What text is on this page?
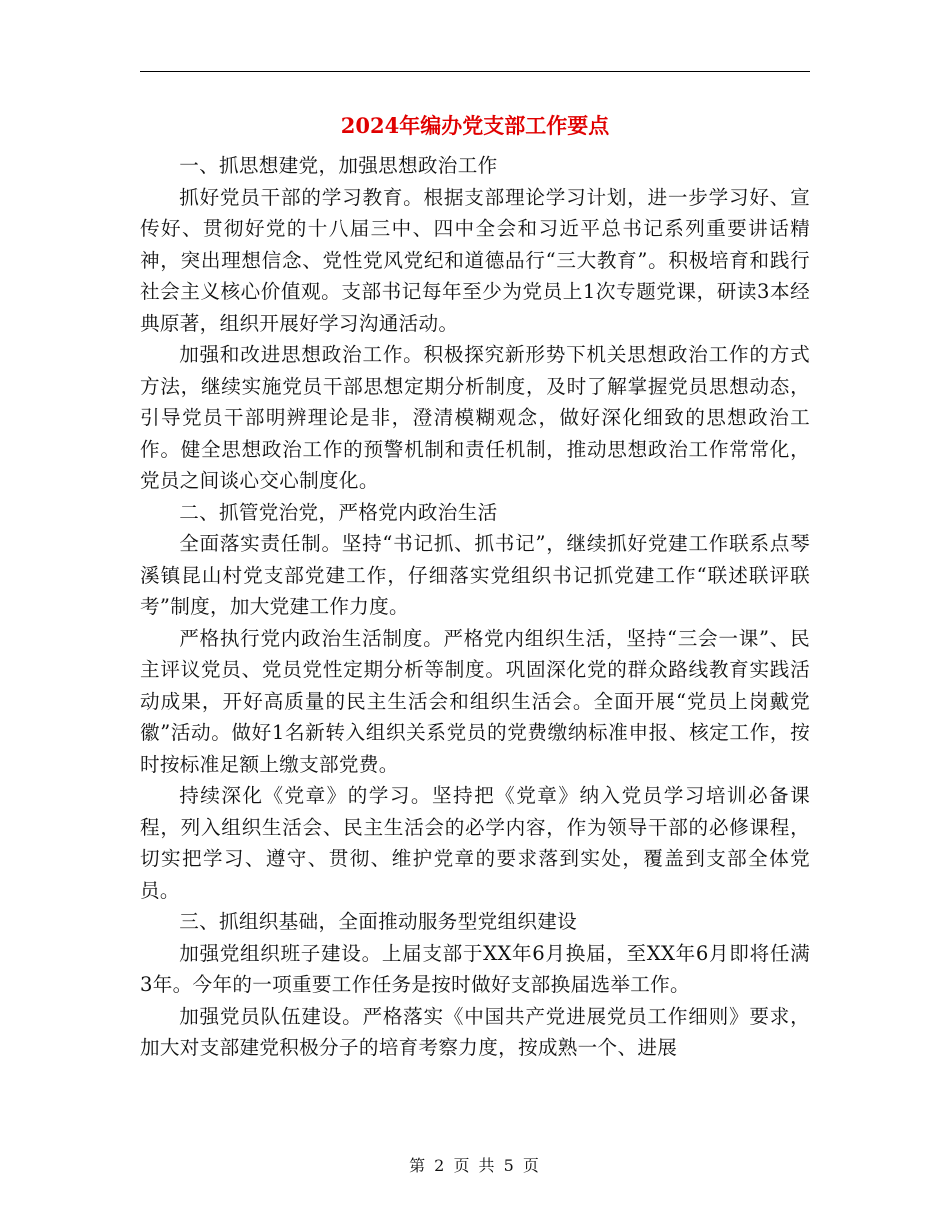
2024年编办党支部工作要点

一、抓思想建党，加强思想政治工作

抓好党员干部的学习教育。根据支部理论学习计划，进一步学习好、宣传好、贯彻好党的十八届三中、四中全会和习近平总书记系列重要讲话精神，突出理想信念、党性党风党纪和道德品行“三大教育”。积极培育和践行社会主义核心价值观。支部书记每年至少为党员上1次专题党课，研读3本经典原著，组织开展好学习沟通活动。

加强和改进思想政治工作。积极探究新形势下机关思想政治工作的方式方法，继续实施党员干部思想定期分析制度，及时了解掌握党员思想动态，引导党员干部明辨理论是非，澄清模糊观念，做好深化细致的思想政治工作。健全思想政治工作的预警机制和责任机制，推动思想政治工作常常化，党员之间谈心交心制度化。

二、抓管党治党，严格党内政治生活

全面落实责任制。坚持“书记抓、抓书记”，继续抓好党建工作联系点琴溪镇昆山村党支部党建工作，仔细落实党组织书记抓党建工作“联述联评联考”制度，加大党建工作力度。

严格执行党内政治生活制度。严格党内组织生活，坚持“三会一课”、民主评议党员、党员党性定期分析等制度。巩固深化党的群众路线教育实践活动成果，开好高质量的民主生活会和组织生活会。全面开展“党员上岗戴党徽”活动。做好1名新转入组织关系党员的党费缴纳标准申报、核定工作，按时按标准足额上缴支部党费。

持续深化《党章》的学习。坚持把《党章》纳入党员学习培训必备课程，列入组织生活会、民主生活会的必学内容，作为领导干部的必修课程，切实把学习、遵守、贯彻、维护党章的要求落到实处，覆盖到支部全体党员。

三、抓组织基础，全面推动服务型党组织建设

加强党组织班子建设。上届支部于XX年6月换届，至XX年6月即将任满3年。今年的一项重要工作任务是按时做好支部换届选举工作。

加强党员队伍建设。严格落实《中国共产党进展党员工作细则》要求，加大对支部建党积极分子的培育考察力度，按成熟一个、进展

第 2 页 共 5 页
